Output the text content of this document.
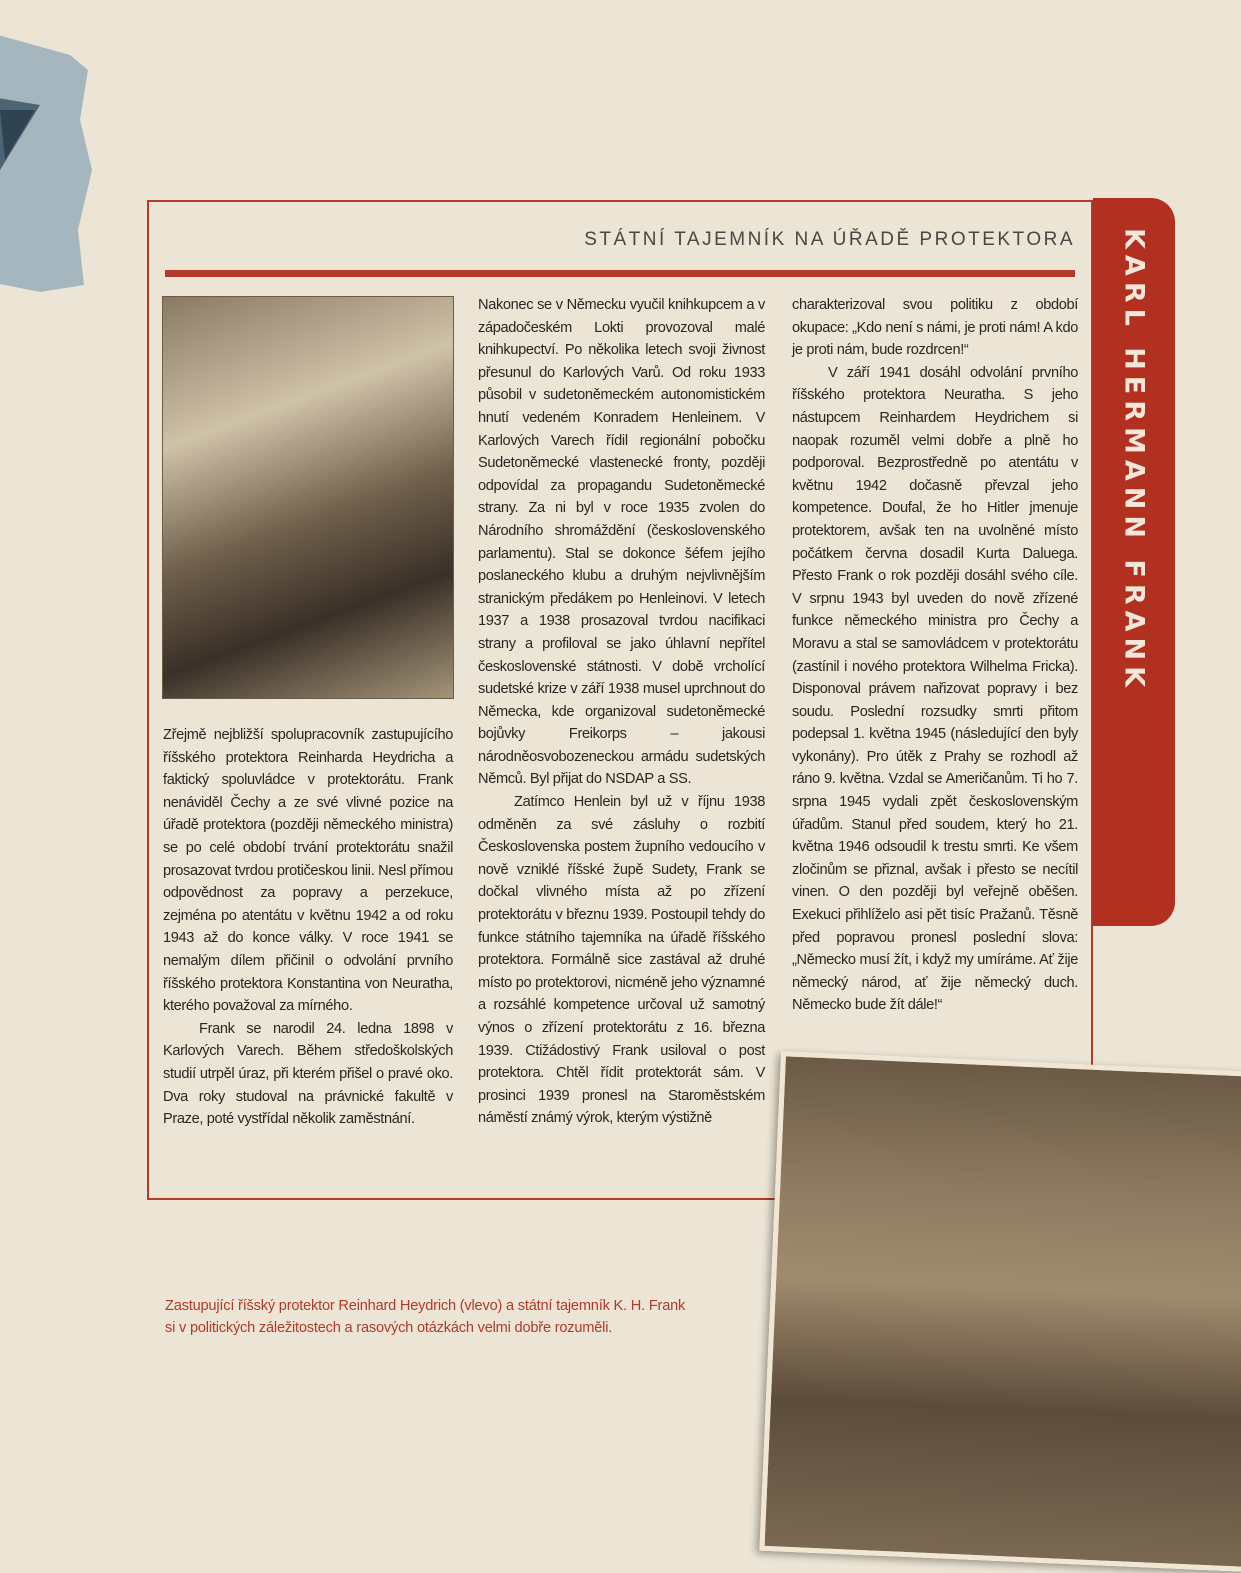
KARL HERMANN FRANK
STÁTNÍ TAJEMNÍK NA ÚŘADĚ PROTEKTORA

Zřejmě nejbližší spolupracovník zastupujícího říšského protektora Reinharda Heydricha a faktický spoluvládce v protektorátu. Frank nenáviděl Čechy a ze své vlivné pozice na úřadě protektora (později německého ministra) se po celé období trvání protektorátu snažil prosazovat tvrdou protičeskou linii. Nesl přímou odpovědnost za popravy a perzekuce, zejména po atentátu v květnu 1942 a od roku 1943 až do konce války. V roce 1941 se nemalým dílem přičinil o odvolání prvního říšského protektora Konstantina von Neuratha, kterého považoval za mírného.

Frank se narodil 24. ledna 1898 v Karlových Varech. Během středoškolských studií utrpěl úraz, při kterém přišel o pravé oko. Dva roky studoval na právnické fakultě v Praze, poté vystřídal několik zaměstnání.

Nakonec se v Německu vyučil knihkupcem a v západočeském Lokti provozoval malé knihkupectví. Po několika letech svoji živnost přesunul do Karlových Varů. Od roku 1933 působil v sudetoněmeckém autonomistickém hnutí vedeném Konradem Henleinem. V Karlových Varech řídil regionální pobočku Sudetoněmecké vlastenecké fronty, později odpovídal za propagandu Sudetoněmecké strany. Za ni byl v roce 1935 zvolen do Národního shromáždění (československého parlamentu). Stal se dokonce šéfem jejího poslaneckého klubu a druhým nejvlivnějším stranickým předákem po Henleinovi. V letech 1937 a 1938 prosazoval tvrdou nacifikaci strany a profiloval se jako úhlavní nepřítel československé státnosti. V době vrcholící sudetské krize v září 1938 musel uprchnout do Německa, kde organizoval sudetoněmecké bojůvky Freikorps – jakousi národněosvobozeneckou armádu sudetských Němců. Byl přijat do NSDAP a SS.

Zatímco Henlein byl už v říjnu 1938 odměněn za své zásluhy o rozbití Československa postem župního vedoucího v nově vzniklé říšské župě Sudety, Frank se dočkal vlivného místa až po zřízení protektorátu v březnu 1939. Postoupil tehdy do funkce státního tajemníka na úřadě říšského protektora. Formálně sice zastával až druhé místo po protektorovi, nicméně jeho významné a rozsáhlé kompetence určoval už samotný výnos o zřízení protektorátu z 16. března 1939. Ctižádostivý Frank usiloval o post protektora. Chtěl řídit protektorát sám. V prosinci 1939 pronesl na Staroměstském náměstí známý výrok, kterým výstižně

charakterizoval svou politiku z období okupace: „Kdo není s námi, je proti nám! A kdo je proti nám, bude rozdrcen!“

V září 1941 dosáhl odvolání prvního říšského protektora Neuratha. S jeho nástupcem Reinhardem Heydrichem si naopak rozuměl velmi dobře a plně ho podporoval. Bezprostředně po atentátu v květnu 1942 dočasně převzal jeho kompetence. Doufal, že ho Hitler jmenuje protektorem, avšak ten na uvolněné místo počátkem června dosadil Kurta Daluega. Přesto Frank o rok později dosáhl svého cíle. V srpnu 1943 byl uveden do nově zřízené funkce německého ministra pro Čechy a Moravu a stal se samovládcem v protektorátu (zastínil i nového protektora Wilhelma Fricka). Disponoval právem nařizovat popravy i bez soudu. Poslední rozsudky smrti přitom podepsal 1. května 1945 (následující den byly vykonány). Pro útěk z Prahy se rozhodl až ráno 9. května. Vzdal se Američanům. Ti ho 7. srpna 1945 vydali zpět československým úřadům. Stanul před soudem, který ho 21. května 1946 odsoudil k trestu smrti. Ke všem zločinům se přiznal, avšak i přesto se necítil vinen. O den později byl veřejně oběšen. Exekuci přihlíželo asi pět tisíc Pražanů. Těsně před popravou pronesl poslední slova: „Německo musí žít, i když my umíráme. Ať žije německý národ, ať žije německý duch. Německo bude žít dále!“

Zastupující říšský protektor Reinhard Heydrich (vlevo) a státní tajemník K. H. Frank
si v politických záležitostech a rasových otázkách velmi dobře rozuměli.
